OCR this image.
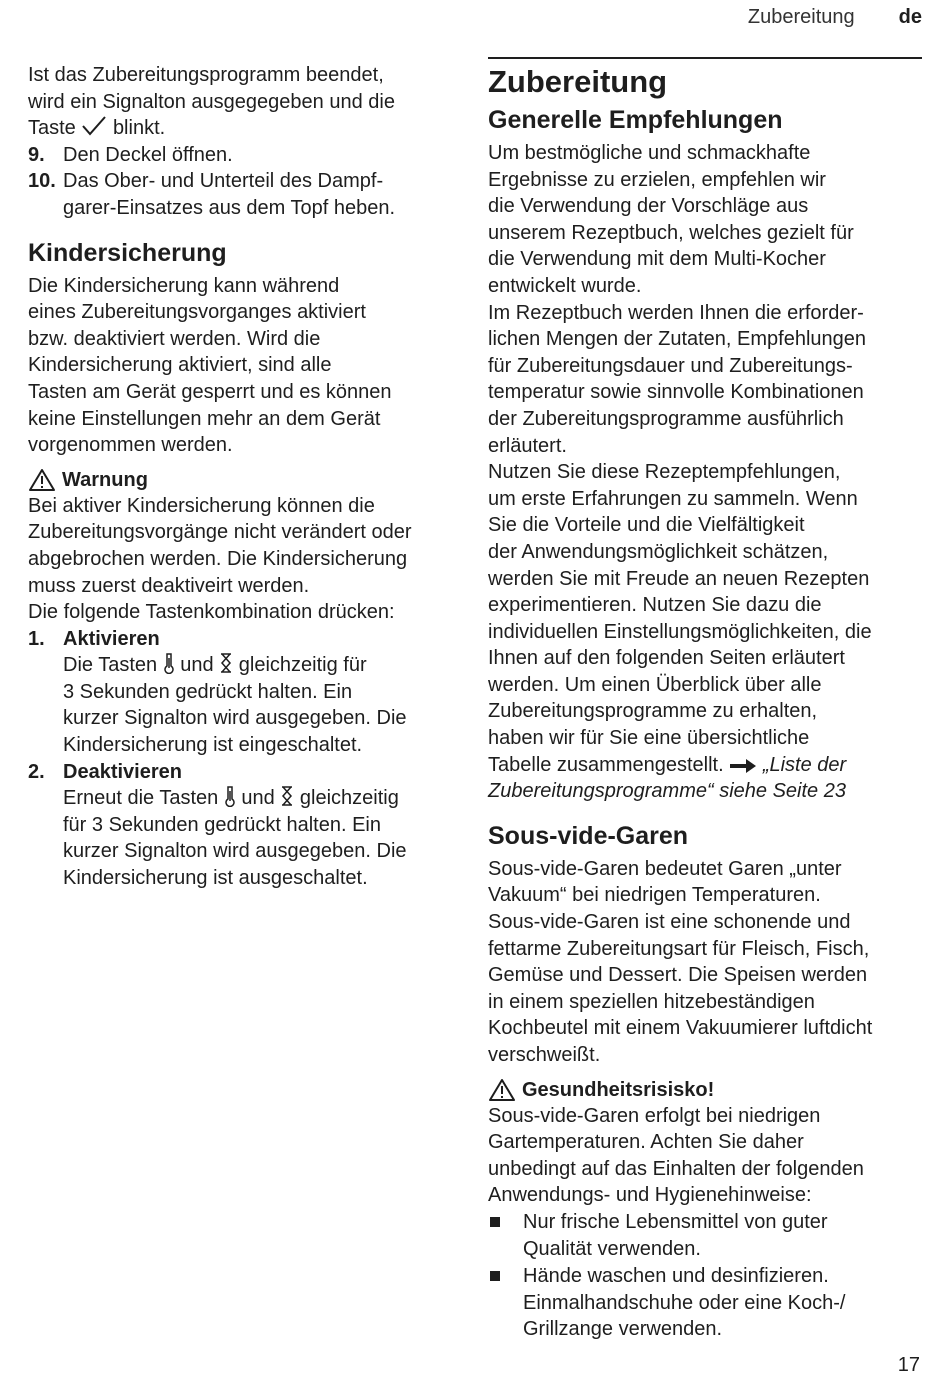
Zubereitung de

Ist das Zubereitungsprogramm beendet,

wird ein Signalton ausgegegeben und die

Taste blinkt.

9. Den Deckel öffnen.
10. Das Ober- und Unterteil des Dampf-
garer-Einsatzes aus dem Topf heben.
Kindersicherung

Die Kindersicherung kann während

eines Zubereitungsvorganges aktiviert

bzw. deaktiviert werden. Wird die

Kindersicherung aktiviert, sind alle

Tasten am Gerät gesperrt und es können

keine Einstellungen mehr an dem Gerät

vorgenommen werden.

Warnung

Bei aktiver Kindersicherung können die

Zubereitungsvorgänge nicht verändert oder

abgebrochen werden. Die Kindersicherung

muss zuerst deaktiveirt werden.

Die folgende Tastenkombination drücken:

1. Aktivieren
Die Tasten und gleichzeitig für
3 Sekunden gedrückt halten. Ein
kurzer Signalton wird ausgegeben. Die
Kindersicherung ist eingeschaltet.
2. Deaktivieren
Erneut die Tasten und gleichzeitig
für 3 Sekunden gedrückt halten. Ein
kurzer Signalton wird ausgegeben. Die
Kindersicherung ist ausgeschaltet.
Zubereitung
Generelle Empfehlungen

Um bestmögliche und schmackhafte

Ergebnisse zu erzielen, empfehlen wir

die Verwendung der Vorschläge aus

unserem Rezeptbuch, welches gezielt für

die Verwendung mit dem Multi-Kocher

entwickelt wurde.

Im Rezeptbuch werden Ihnen die erforder-

lichen Mengen der Zutaten, Empfehlungen

für Zubereitungsdauer und Zubereitungs-

temperatur sowie sinnvolle Kombinationen

der Zubereitungsprogramme ausführlich

erläutert.

Nutzen Sie diese Rezeptempfehlungen,

um erste Erfahrungen zu sammeln. Wenn

Sie die Vorteile und die Vielfältigkeit

der Anwendungsmöglichkeit schätzen,

werden Sie mit Freude an neuen Rezepten

experimentieren. Nutzen Sie dazu die

individuellen Einstellungsmöglichkeiten, die

Ihnen auf den folgenden Seiten erläutert

werden. Um einen Überblick über alle

Zubereitungsprogramme zu erhalten,

haben wir für Sie eine übersichtliche

Tabelle zusammengestellt. „Liste der

Zubereitungsprogramme“ siehe Seite 23

Sous-vide-Garen

Sous-vide-Garen bedeutet Garen „unter

Vakuum“ bei niedrigen Temperaturen.

Sous-vide-Garen ist eine schonende und

fettarme Zubereitungsart für Fleisch, Fisch,

Gemüse und Dessert. Die Speisen werden

in einem speziellen hitzebeständigen

Kochbeutel mit einem Vakuumierer luftdicht

verschweißt.

Gesundheitsrisisko!

Sous-vide-Garen erfolgt bei niedrigen

Gartemperaturen. Achten Sie daher

unbedingt auf das Einhalten der folgenden

Anwendungs- und Hygienehinweise:

Nur frische Lebensmittel von guter
Qualität verwenden.
Hände waschen und desinfizieren.
Einmalhandschuhe oder eine Koch-/
Grillzange verwenden.
17
